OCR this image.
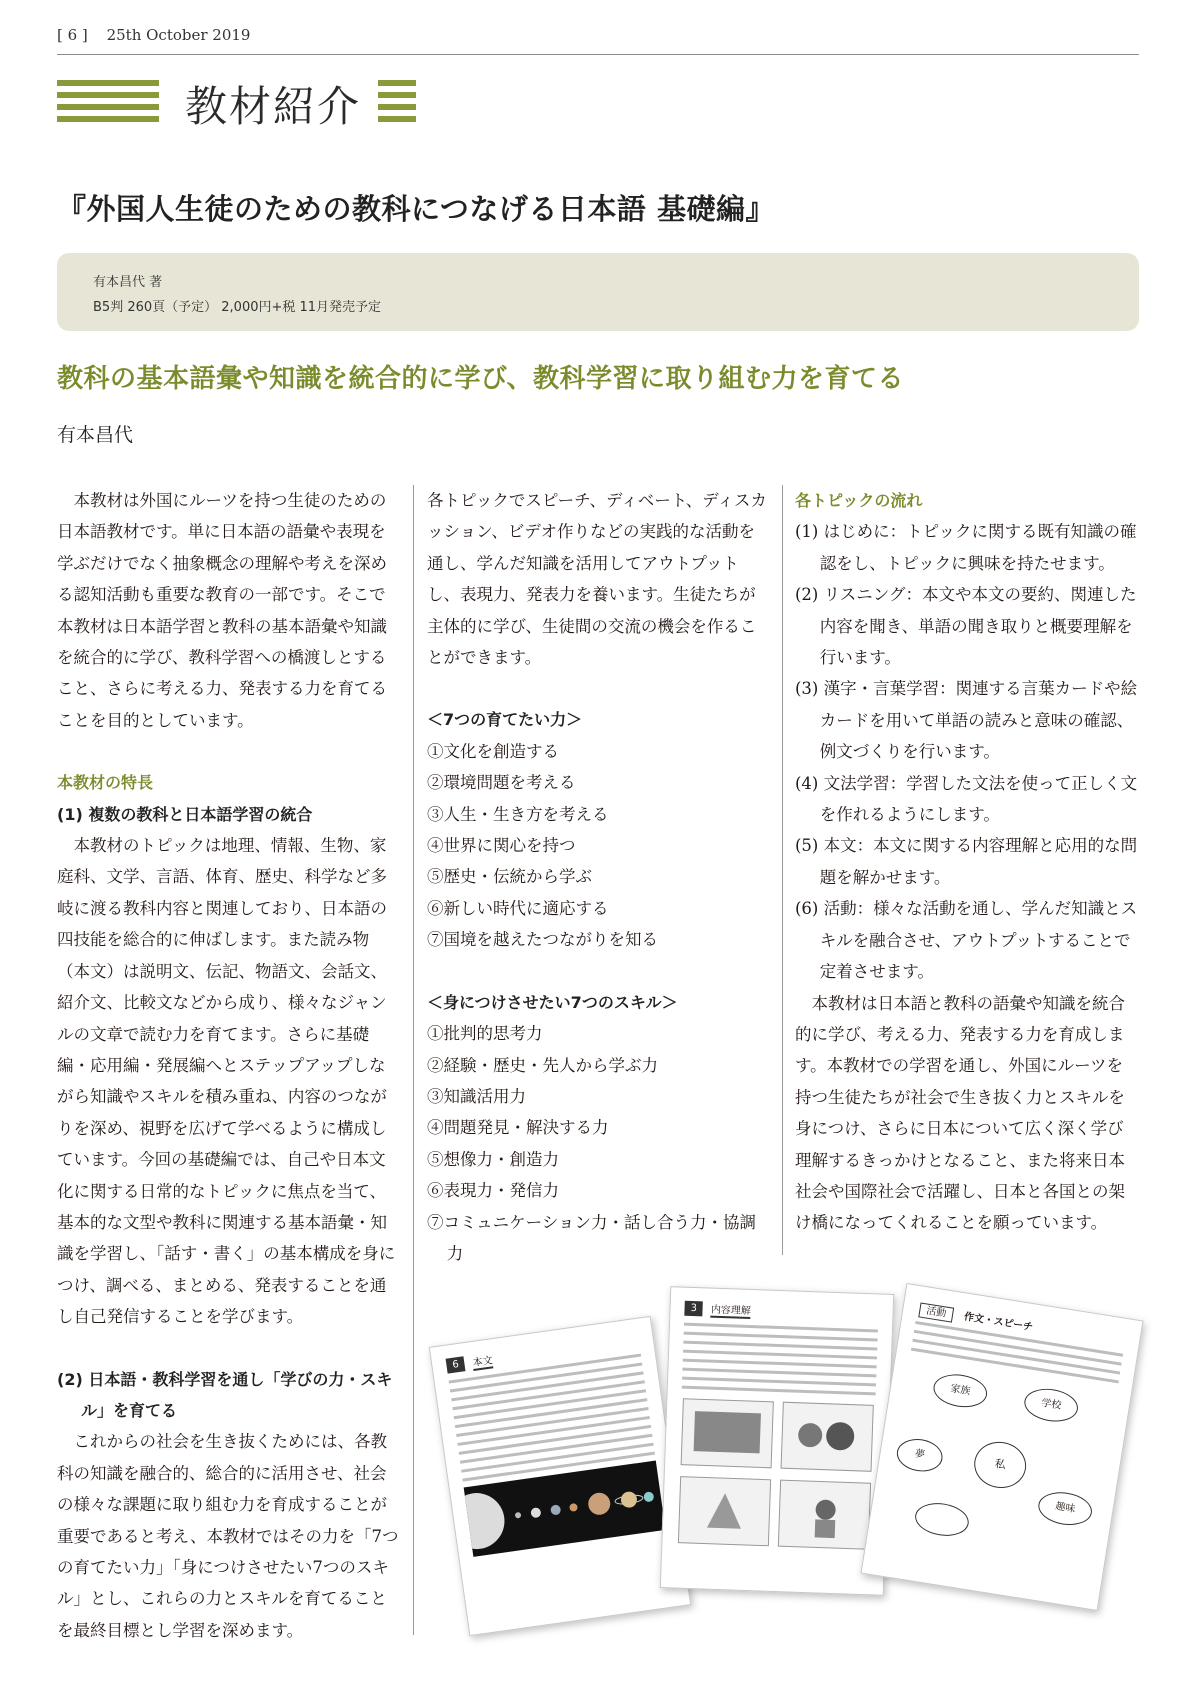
[ 6 ] 25th October 2019
教材紹介
『外国人生徒のための教科につなげる日本語 基礎編』
有本昌代 著
B5判 260頁（予定） 2,000円+税 11月発売予定
教科の基本語彙や知識を統合的に学び、教科学習に取り組む力を育てる
有本昌代

本教材は外国にルーツを持つ生徒のための日本語教材です。単に日本語の語彙や表現を学ぶだけでなく抽象概念の理解や考えを深める認知活動も重要な教育の一部です。そこで本教材は日本語学習と教科の基本語彙や知識を統合的に学び、教科学習への橋渡しとすること、さらに考える力、発表する力を育てることを目的としています。

本教材の特長

(1) 複数の教科と日本語学習の統合

本教材のトピックは地理、情報、生物、家庭科、文学、言語、体育、歴史、科学など多岐に渡る教科内容と関連しており、日本語の四技能を総合的に伸ばします。また読み物（本文）は説明文、伝記、物語文、会話文、紹介文、比較文などから成り、様々なジャンルの文章で読む力を育てます。さらに基礎編・応用編・発展編へとステップアップしながら知識やスキルを積み重ね、内容のつながりを深め、視野を広げて学べるように構成しています。今回の基礎編では、自己や日本文化に関する日常的なトピックに焦点を当て、基本的な文型や教科に関連する基本語彙・知識を学習し、「話す・書く」の基本構成を身につけ、調べる、まとめる、発表することを通し自己発信することを学びます。

(2) 日本語・教科学習を通し「学びの力・スキル」を育てる

これからの社会を生き抜くためには、各教科の知識を融合的、総合的に活用させ、社会の様々な課題に取り組む力を育成することが重要であると考え、本教材ではその力を「7つの育てたい力」「身につけさせたい7つのスキル」とし、これらの力とスキルを育てることを最終目標とし学習を深めます。

各トピックでスピーチ、ディベート、ディスカッション、ビデオ作りなどの実践的な活動を通し、学んだ知識を活用してアウトプットし、表現力、発表力を養います。生徒たちが主体的に学び、生徒間の交流の機会を作ることができます。

＜7つの育てたい力＞

①文化を創造する

②環境問題を考える

③人生・生き方を考える

④世界に関心を持つ

⑤歴史・伝統から学ぶ

⑥新しい時代に適応する

⑦国境を越えたつながりを知る

＜身につけさせたい7つのスキル＞

①批判的思考力

②経験・歴史・先人から学ぶ力

③知識活用力

④問題発見・解決する力

⑤想像力・創造力

⑥表現力・発信力

⑦コミュニケーション力・話し合う力・協調力

各トピックの流れ

(1) はじめに：トピックに関する既有知識の確認をし、トピックに興味を持たせます。

(2) リスニング：本文や本文の要約、関連した内容を聞き、単語の聞き取りと概要理解を行います。

(3) 漢字・言葉学習：関連する言葉カードや絵カードを用いて単語の読みと意味の確認、例文づくりを行います。

(4) 文法学習：学習した文法を使って正しく文を作れるようにします。

(5) 本文：本文に関する内容理解と応用的な問題を解かせます。

(6) 活動：様々な活動を通し、学んだ知識とスキルを融合させ、アウトプットすることで定着させます。

本教材は日本語と教科の語彙や知識を統合的に学び、考える力、発表する力を育成します。本教材での学習を通し、外国にルーツを持つ生徒たちが社会で生き抜く力とスキルを身につけ、さらに日本について広く深く学び理解するきっかけとなること、また将来日本社会や国際社会で活躍し、日本と各国との架け橋になってくれることを願っています。

6	本文
3	内容理解	活動 作文・スピーチ
私
家族
学校
趣味
夢
